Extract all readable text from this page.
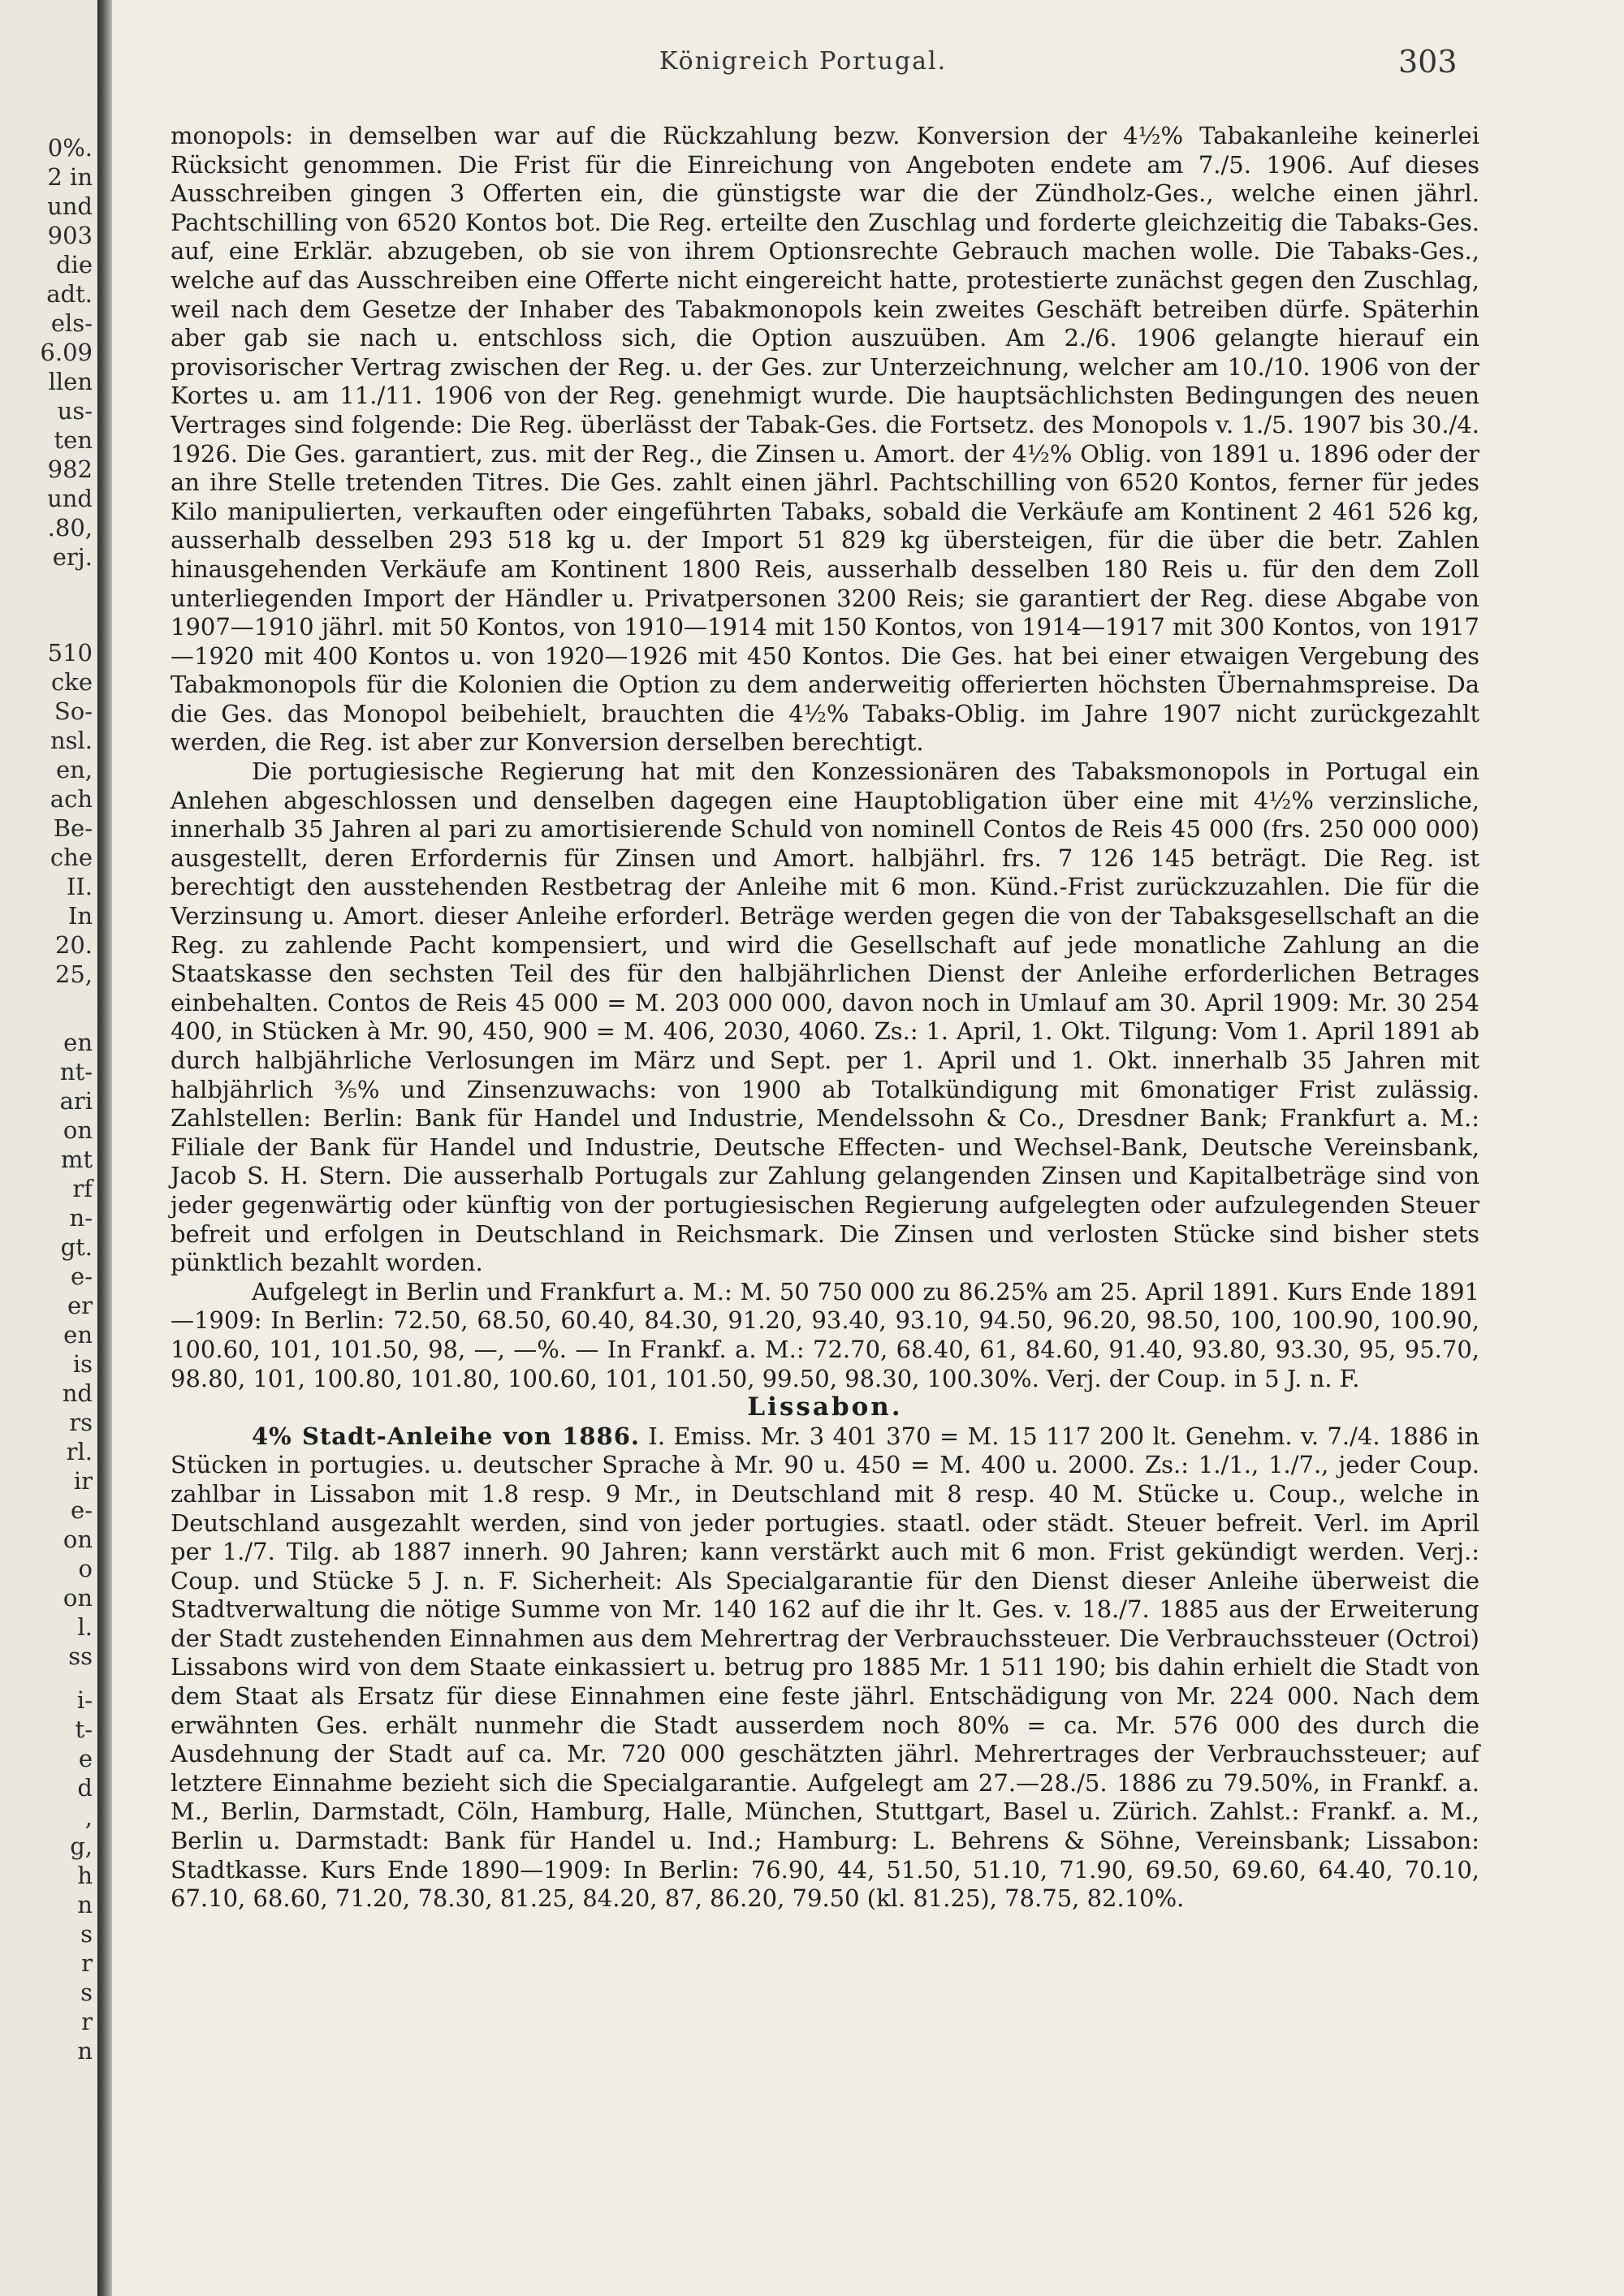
0%.
2 in
und
903
die
adt.
els-
6.09
llen
us-
ten
982
und
.80,
erj.
510
cke
So-
nsl.
en,
ach
Be-
che
II.
In
20.
25,
en
nt-
ari
on
mt
rf
n-
gt.
e-
er
en
is
nd
rs
rl.
ir
e-
on
o
on
l.
ss
i-
t-
e
d
,
g,
h
n
s
r
s
r
n
Königreich Portugal.	303

monopols: in demselben war auf die Rückzahlung bezw. Konversion der 4½% Tabakanleihe keinerlei Rücksicht genommen. Die Frist für die Einreichung von Angeboten endete am 7./5. 1906. Auf dieses Ausschreiben gingen 3 Offerten ein, die günstigste war die der Zündholz-Ges., welche einen jährl. Pachtschilling von 6520 Kontos bot. Die Reg. erteilte den Zuschlag und forderte gleichzeitig die Tabaks-Ges. auf, eine Erklär. abzugeben, ob sie von ihrem Optionsrechte Gebrauch machen wolle. Die Tabaks-Ges., welche auf das Ausschreiben eine Offerte nicht eingereicht hatte, protestierte zunächst gegen den Zuschlag, weil nach dem Gesetze der Inhaber des Tabakmonopols kein zweites Geschäft betreiben dürfe. Späterhin aber gab sie nach u. entschloss sich, die Option auszuüben. Am 2./6. 1906 gelangte hierauf ein provisorischer Vertrag zwischen der Reg. u. der Ges. zur Unterzeichnung, welcher am 10./10. 1906 von der Kortes u. am 11./11. 1906 von der Reg. genehmigt wurde. Die hauptsächlichsten Bedingungen des neuen Vertrages sind folgende: Die Reg. überlässt der Tabak-Ges. die Fortsetz. des Monopols v. 1./5. 1907 bis 30./4. 1926. Die Ges. garantiert, zus. mit der Reg., die Zinsen u. Amort. der 4½% Oblig. von 1891 u. 1896 oder der an ihre Stelle tretenden Titres. Die Ges. zahlt einen jährl. Pachtschilling von 6520 Kontos, ferner für jedes Kilo manipulierten, verkauften oder eingeführten Tabaks, sobald die Verkäufe am Kontinent 2 461 526 kg, ausserhalb desselben 293 518 kg u. der Import 51 829 kg übersteigen, für die über die betr. Zahlen hinausgehenden Verkäufe am Kontinent 1800 Reis, ausserhalb desselben 180 Reis u. für den dem Zoll unterliegenden Import der Händler u. Privatpersonen 3200 Reis; sie garantiert der Reg. diese Abgabe von 1907—1910 jährl. mit 50 Kontos, von 1910—1914 mit 150 Kontos, von 1914—1917 mit 300 Kontos, von 1917—1920 mit 400 Kontos u. von 1920—1926 mit 450 Kontos. Die Ges. hat bei einer etwaigen Vergebung des Tabakmonopols für die Kolonien die Option zu dem anderweitig offerierten höchsten Übernahmspreise. Da die Ges. das Monopol beibehielt, brauchten die 4½% Tabaks-Oblig. im Jahre 1907 nicht zurückgezahlt werden, die Reg. ist aber zur Konversion derselben berechtigt.

Die portugiesische Regierung hat mit den Konzessionären des Tabaksmonopols in Portugal ein Anlehen abgeschlossen und denselben dagegen eine Hauptobligation über eine mit 4½% verzinsliche, innerhalb 35 Jahren al pari zu amortisierende Schuld von nominell Contos de Reis 45 000 (frs. 250 000 000) ausgestellt, deren Erfordernis für Zinsen und Amort. halbjährl. frs. 7 126 145 beträgt. Die Reg. ist berechtigt den ausstehenden Restbetrag der Anleihe mit 6 mon. Künd.-Frist zurückzuzahlen. Die für die Verzinsung u. Amort. dieser Anleihe erforderl. Beträge werden gegen die von der Tabaksgesellschaft an die Reg. zu zahlende Pacht kompensiert, und wird die Gesellschaft auf jede monatliche Zahlung an die Staatskasse den sechsten Teil des für den halbjährlichen Dienst der Anleihe erforderlichen Betrages einbehalten. Contos de Reis 45 000 = M. 203 000 000, davon noch in Umlauf am 30. April 1909: Mr. 30 254 400, in Stücken à Mr. 90, 450, 900 = M. 406, 2030, 4060. Zs.: 1. April, 1. Okt. Tilgung: Vom 1. April 1891 ab durch halbjährliche Verlosungen im März und Sept. per 1. April und 1. Okt. innerhalb 35 Jahren mit halbjährlich ³⁄₅% und Zinsenzuwachs: von 1900 ab Totalkündigung mit 6monatiger Frist zulässig. Zahlstellen: Berlin: Bank für Handel und Industrie, Mendelssohn & Co., Dresdner Bank; Frankfurt a. M.: Filiale der Bank für Handel und Industrie, Deutsche Effecten- und Wechsel-Bank, Deutsche Vereinsbank, Jacob S. H. Stern. Die ausserhalb Portugals zur Zahlung gelangenden Zinsen und Kapitalbeträge sind von jeder gegenwärtig oder künftig von der portugiesischen Regierung aufgelegten oder aufzulegenden Steuer befreit und erfolgen in Deutschland in Reichsmark. Die Zinsen und verlosten Stücke sind bisher stets pünktlich bezahlt worden.

Aufgelegt in Berlin und Frankfurt a. M.: M. 50 750 000 zu 86.25% am 25. April 1891. Kurs Ende 1891—1909: In Berlin: 72.50, 68.50, 60.40, 84.30, 91.20, 93.40, 93.10, 94.50, 96.20, 98.50, 100, 100.90, 100.90, 100.60, 101, 101.50, 98, —, —%. — In Frankf. a. M.: 72.70, 68.40, 61, 84.60, 91.40, 93.80, 93.30, 95, 95.70, 98.80, 101, 100.80, 101.80, 100.60, 101, 101.50, 99.50, 98.30, 100.30%. Verj. der Coup. in 5 J. n. F.

Lissabon.

4% Stadt-Anleihe von 1886. I. Emiss. Mr. 3 401 370 = M. 15 117 200 lt. Genehm. v. 7./4. 1886 in Stücken in portugies. u. deutscher Sprache à Mr. 90 u. 450 = M. 400 u. 2000. Zs.: 1./1., 1./7., jeder Coup. zahlbar in Lissabon mit 1.8 resp. 9 Mr., in Deutschland mit 8 resp. 40 M. Stücke u. Coup., welche in Deutschland ausgezahlt werden, sind von jeder portugies. staatl. oder städt. Steuer befreit. Verl. im April per 1./7. Tilg. ab 1887 innerh. 90 Jahren; kann verstärkt auch mit 6 mon. Frist gekündigt werden. Verj.: Coup. und Stücke 5 J. n. F. Sicherheit: Als Specialgarantie für den Dienst dieser Anleihe überweist die Stadtverwaltung die nötige Summe von Mr. 140 162 auf die ihr lt. Ges. v. 18./7. 1885 aus der Erweiterung der Stadt zustehenden Einnahmen aus dem Mehrertrag der Verbrauchssteuer. Die Verbrauchssteuer (Octroi) Lissabons wird von dem Staate einkassiert u. betrug pro 1885 Mr. 1 511 190; bis dahin erhielt die Stadt von dem Staat als Ersatz für diese Einnahmen eine feste jährl. Entschädigung von Mr. 224 000. Nach dem erwähnten Ges. erhält nunmehr die Stadt ausserdem noch 80% = ca. Mr. 576 000 des durch die Ausdehnung der Stadt auf ca. Mr. 720 000 geschätzten jährl. Mehrertrages der Verbrauchssteuer; auf letztere Einnahme bezieht sich die Specialgarantie. Aufgelegt am 27.—28./5. 1886 zu 79.50%, in Frankf. a. M., Berlin, Darmstadt, Cöln, Hamburg, Halle, München, Stuttgart, Basel u. Zürich. Zahlst.: Frankf. a. M., Berlin u. Darmstadt: Bank für Handel u. Ind.; Hamburg: L. Behrens & Söhne, Vereinsbank; Lissabon: Stadtkasse. Kurs Ende 1890—1909: In Berlin: 76.90, 44, 51.50, 51.10, 71.90, 69.50, 69.60, 64.40, 70.10, 67.10, 68.60, 71.20, 78.30, 81.25, 84.20, 87, 86.20, 79.50 (kl. 81.25), 78.75, 82.10%.
